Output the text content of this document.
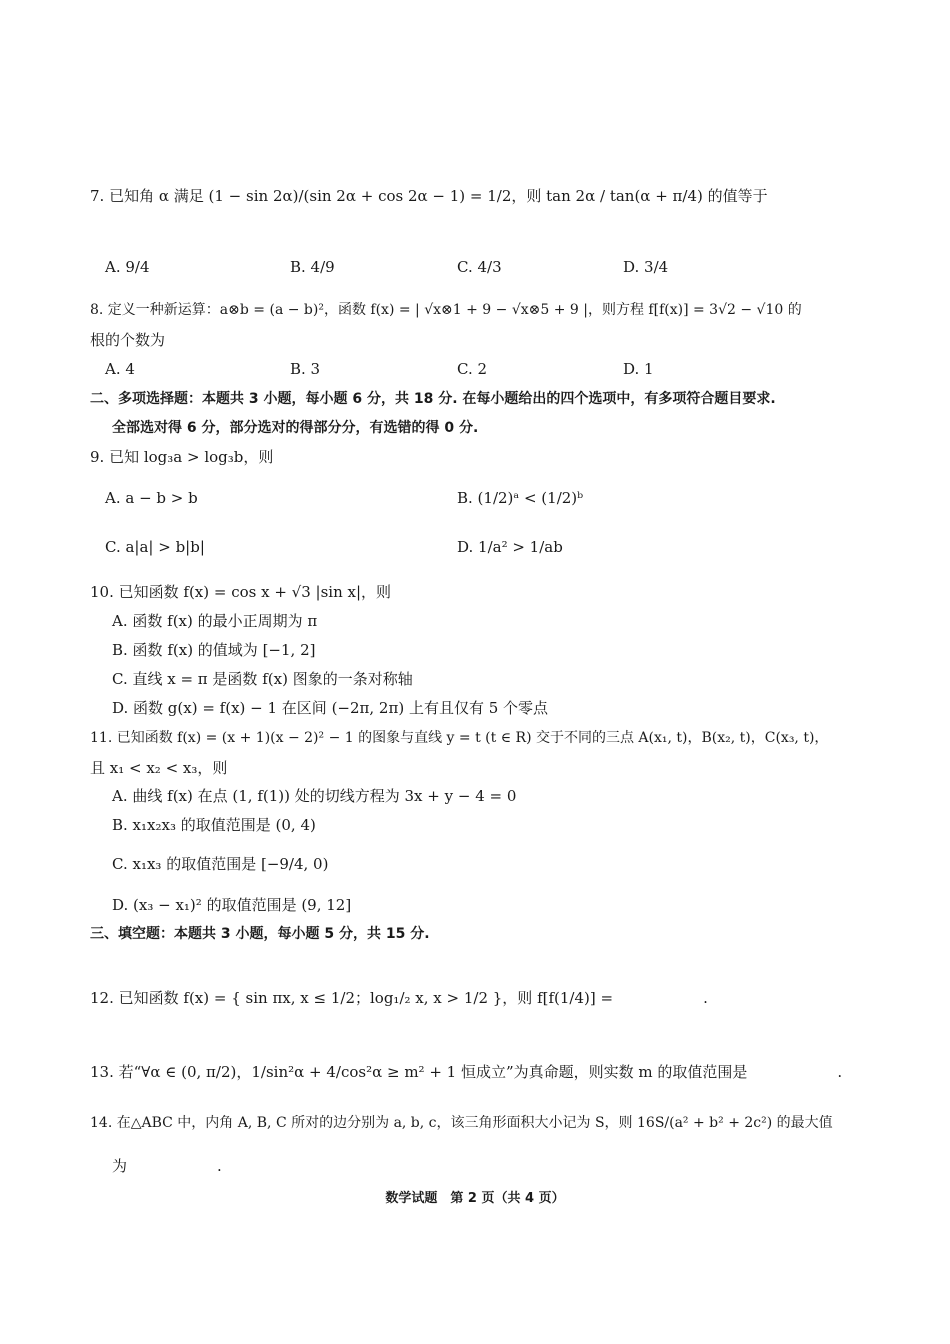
7. 已知角 α 满足 (1 − sin 2α)/(sin 2α + cos 2α − 1) = 1/2，则 tan 2α / tan(α + π/4) 的值等于
A. 9/4	B. 4/9	C. 4/3	D. 3/4
8. 定义一种新运算：a⊗b = (a − b)²，函数 f(x) = | √x⊗1 + 9 − √x⊗5 + 9 |，则方程 f[f(x)] = 3√2 − √10 的
根的个数为
A. 4	B. 3	C. 2	D. 1
二、多项选择题：本题共 3 小题，每小题 6 分，共 18 分. 在每小题给出的四个选项中，有多项符合题目要求.
全部选对得 6 分，部分选对的得部分分，有选错的得 0 分.
9. 已知 log₃a > log₃b，则
A. a − b > b	B. (1/2)ᵃ < (1/2)ᵇ
C. a|a| > b|b|	D. 1/a² > 1/ab
10. 已知函数 f(x) = cos x + √3 |sin x|，则
A. 函数 f(x) 的最小正周期为 π
B. 函数 f(x) 的值域为 [−1, 2]
C. 直线 x = π 是函数 f(x) 图象的一条对称轴
D. 函数 g(x) = f(x) − 1 在区间 (−2π, 2π) 上有且仅有 5 个零点
11. 已知函数 f(x) = (x + 1)(x − 2)² − 1 的图象与直线 y = t (t ∈ R) 交于不同的三点 A(x₁, t)，B(x₂, t)，C(x₃, t)，
且 x₁ < x₂ < x₃，则
A. 曲线 f(x) 在点 (1, f(1)) 处的切线方程为 3x + y − 4 = 0
B. x₁x₂x₃ 的取值范围是 (0, 4)
C. x₁x₃ 的取值范围是 [−9/4, 0)
D. (x₃ − x₁)² 的取值范围是 (9, 12]
三、填空题：本题共 3 小题，每小题 5 分，共 15 分.
12. 已知函数 f(x) = { sin πx, x ≤ 1/2；log₁/₂ x, x > 1/2 }，则 f[f(1/4)] =	.
13. 若“∀α ∈ (0, π/2)，1/sin²α + 4/cos²α ≥ m² + 1 恒成立”为真命题，则实数 m 的取值范围是	.
14. 在△ABC 中，内角 A, B, C 所对的边分别为 a, b, c，该三角形面积大小记为 S，则 16S/(a² + b² + 2c²) 的最大值
为	.
数学试题　第 2 页（共 4 页）
